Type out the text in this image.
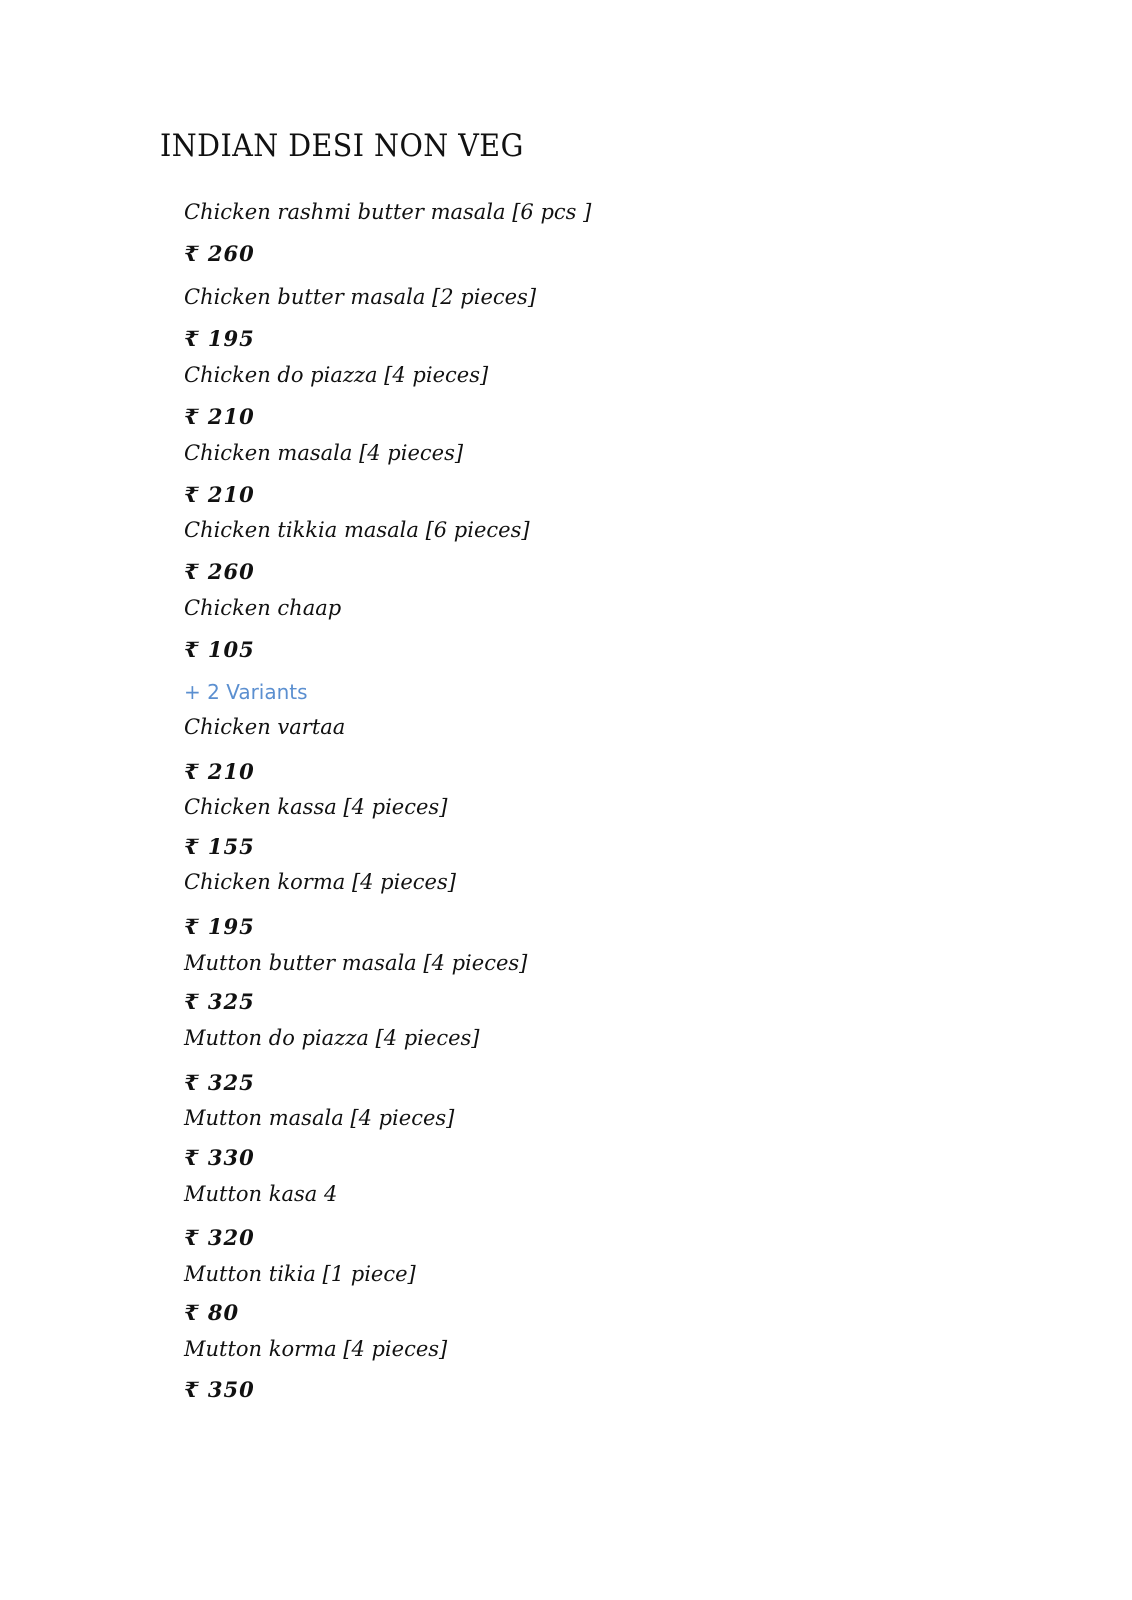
INDIAN DESI NON VEG

Chicken rashmi butter masala [6 pcs ]

₹ 260

Chicken butter masala [2 pieces]

₹ 195

Chicken do piazza [4 pieces]

₹ 210

Chicken masala [4 pieces]

₹ 210

Chicken tikkia masala [6 pieces]

₹ 260

Chicken chaap

₹ 105

+ 2 Variants

Chicken vartaa

₹ 210

Chicken kassa [4 pieces]

₹ 155

Chicken korma [4 pieces]

₹ 195

Mutton butter masala [4 pieces]

₹ 325

Mutton do piazza [4 pieces]

₹ 325

Mutton masala [4 pieces]

₹ 330

Mutton kasa 4

₹ 320

Mutton tikia [1 piece]

₹ 80

Mutton korma [4 pieces]

₹ 350
